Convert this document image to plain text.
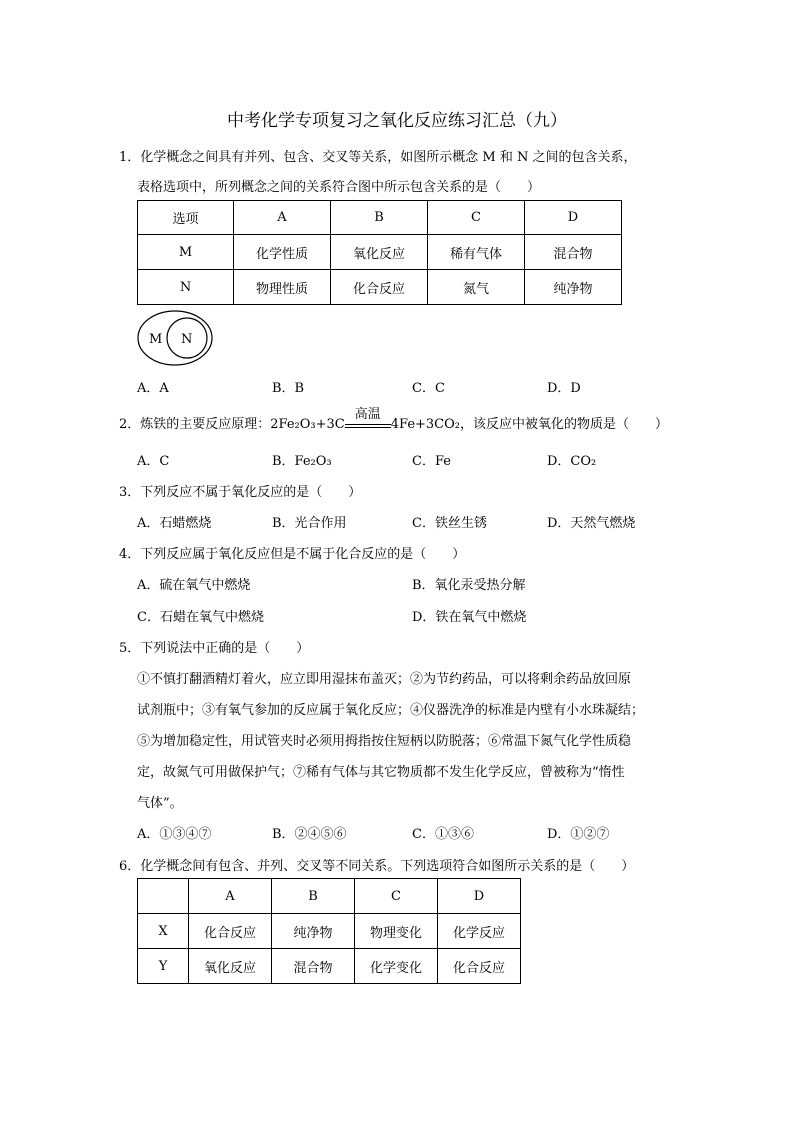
中考化学专项复习之氧化反应练习汇总（九）
1．化学概念之间具有并列、包含、交叉等关系，如图所示概念 M 和 N 之间的包含关系，
表格选项中，所列概念之间的关系符合图中所示包含关系的是（　　）
选项	A	B	C	D
M	化学性质	氧化反应	稀有气体	混合物
N	物理性质	化合反应	氮气	纯净物
M N
A．A	B．B	C．C	D．D
2．炼铁的主要反应原理：2Fe₂O₃+3C
高温
4Fe+3CO₂，该反应中被氧化的物质是（　　）
A．C	B．Fe₂O₃	C．Fe	D．CO₂
3．下列反应不属于氧化反应的是（　　）
A．石蜡燃烧	B．光合作用	C．铁丝生锈	D．天然气燃烧
4．下列反应属于氧化反应但是不属于化合反应的是（　　）
A．硫在氧气中燃烧	B．氧化汞受热分解
C．石蜡在氧气中燃烧	D．铁在氧气中燃烧
5．下列说法中正确的是（　　）
①不慎打翻酒精灯着火，应立即用湿抹布盖灭；②为节约药品，可以将剩余药品放回原
试剂瓶中；③有氧气参加的反应属于氧化反应；④仪器洗净的标准是内壁有小水珠凝结；
⑤为增加稳定性，用试管夹时必须用拇指按住短柄以防脱落；⑥常温下氮气化学性质稳
定，故氮气可用做保护气；⑦稀有气体与其它物质都不发生化学反应，曾被称为“惰性
气体”。
A．①③④⑦	B．②④⑤⑥	C．①③⑥	D．①②⑦
6．化学概念间有包含、并列、交叉等不同关系。下列选项符合如图所示关系的是（　　）
	A	B	C	D
X	化合反应	纯净物	物理变化	化学反应
Y	氧化反应	混合物	化学变化	化合反应
